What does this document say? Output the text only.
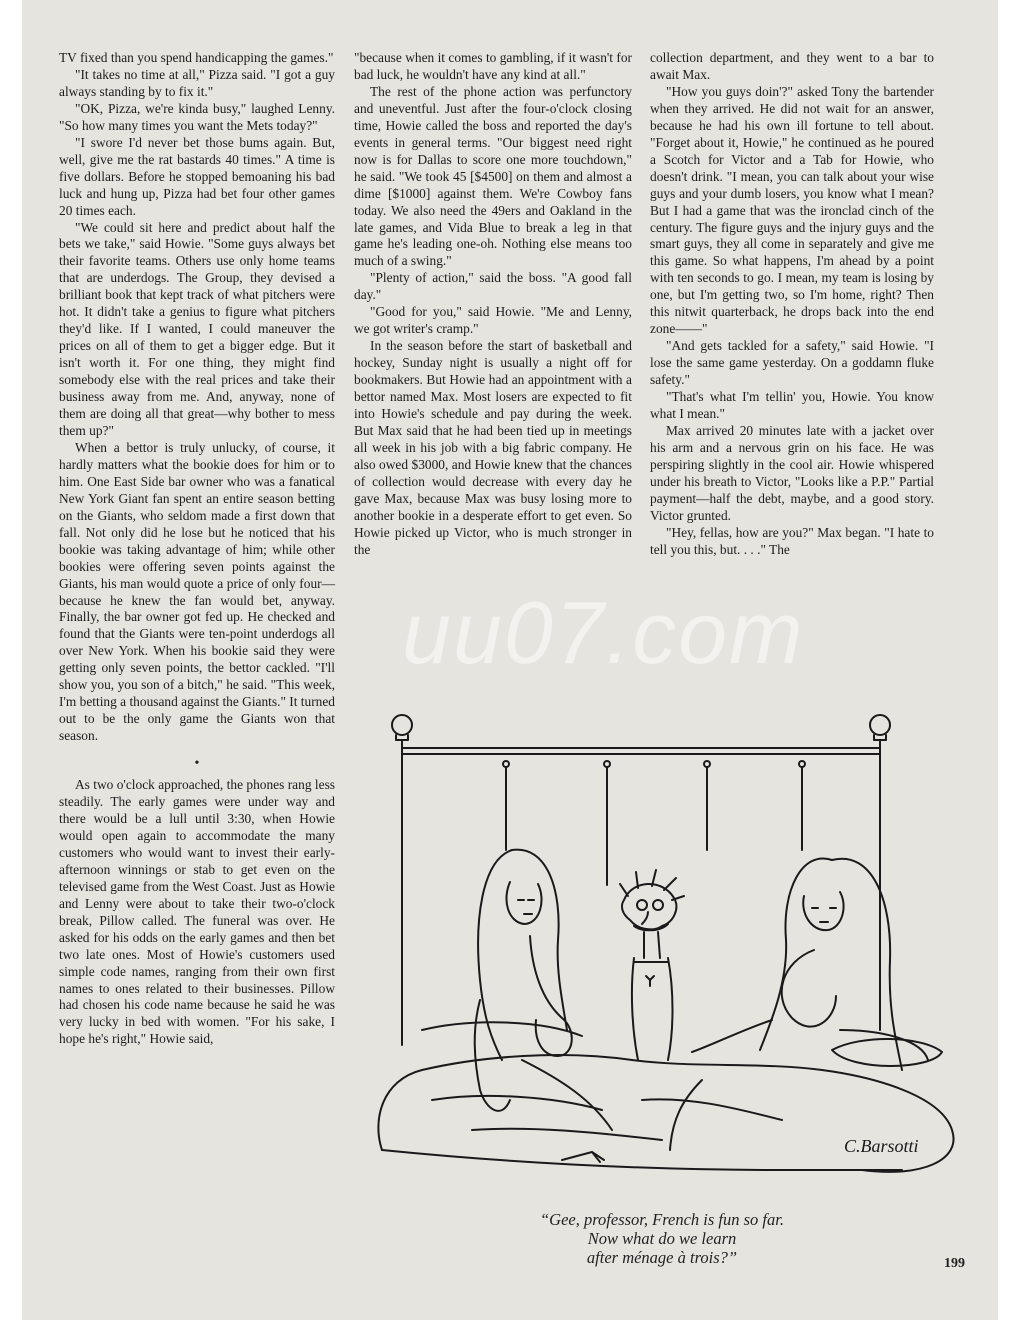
TV fixed than you spend handicapping the games."

"It takes no time at all," Pizza said. "I got a guy always standing by to fix it."

"OK, Pizza, we're kinda busy," laughed Lenny. "So how many times you want the Mets today?"

"I swore I'd never bet those bums again. But, well, give me the rat bastards 40 times." A time is five dollars. Before he stopped bemoaning his bad luck and hung up, Pizza had bet four other games 20 times each.

"We could sit here and predict about half the bets we take," said Howie. "Some guys always bet their favorite teams. Others use only home teams that are underdogs. The Group, they devised a brilliant book that kept track of what pitchers were hot. It didn't take a genius to figure what pitchers they'd like. If I wanted, I could maneuver the prices on all of them to get a bigger edge. But it isn't worth it. For one thing, they might find somebody else with the real prices and take their business away from me. And, anyway, none of them are doing all that great—why bother to mess them up?"

When a bettor is truly unlucky, of course, it hardly matters what the bookie does for him or to him. One East Side bar owner who was a fanatical New York Giant fan spent an entire season betting on the Giants, who seldom made a first down that fall. Not only did he lose but he noticed that his bookie was taking advantage of him; while other bookies were offering seven points against the Giants, his man would quote a price of only four—because he knew the fan would bet, anyway. Finally, the bar owner got fed up. He checked and found that the Giants were ten-point underdogs all over New York. When his bookie said they were getting only seven points, the bettor cackled. "I'll show you, you son of a bitch," he said. "This week, I'm betting a thousand against the Giants." It turned out to be the only game the Giants won that season.

•

As two o'clock approached, the phones rang less steadily. The early games were under way and there would be a lull until 3:30, when Howie would open again to accommodate the many customers who would want to invest their early-afternoon winnings or stab to get even on the televised game from the West Coast. Just as Howie and Lenny were about to take their two-o'clock break, Pillow called. The funeral was over. He asked for his odds on the early games and then bet two late ones. Most of Howie's customers used simple code names, ranging from their own first names to ones related to their businesses. Pillow had chosen his code name because he said he was very lucky in bed with women. "For his sake, I hope he's right," Howie said,

"because when it comes to gambling, if it wasn't for bad luck, he wouldn't have any kind at all."

The rest of the phone action was perfunctory and uneventful. Just after the four-o'clock closing time, Howie called the boss and reported the day's events in general terms. "Our biggest need right now is for Dallas to score one more touchdown," he said. "We took 45 [$4500] on them and almost a dime [$1000] against them. We're Cowboy fans today. We also need the 49ers and Oakland in the late games, and Vida Blue to break a leg in that game he's leading one-oh. Nothing else means too much of a swing."

"Plenty of action," said the boss. "A good fall day."

"Good for you," said Howie. "Me and Lenny, we got writer's cramp."

In the season before the start of basketball and hockey, Sunday night is usually a night off for bookmakers. But Howie had an appointment with a bettor named Max. Most losers are expected to fit into Howie's schedule and pay during the week. But Max said that he had been tied up in meetings all week in his job with a big fabric company. He also owed $3000, and Howie knew that the chances of collection would decrease with every day he gave Max, because Max was busy losing more to another bookie in a desperate effort to get even. So Howie picked up Victor, who is much stronger in the

collection department, and they went to a bar to await Max.

"How you guys doin'?" asked Tony the bartender when they arrived. He did not wait for an answer, because he had his own ill fortune to tell about. "Forget about it, Howie," he continued as he poured a Scotch for Victor and a Tab for Howie, who doesn't drink. "I mean, you can talk about your wise guys and your dumb losers, you know what I mean? But I had a game that was the ironclad cinch of the century. The figure guys and the injury guys and the smart guys, they all come in separately and give me this game. So what happens, I'm ahead by a point with ten seconds to go. I mean, my team is losing by one, but I'm getting two, so I'm home, right? Then this nitwit quarterback, he drops back into the end zone——"

"And gets tackled for a safety," said Howie. "I lose the same game yesterday. On a goddamn fluke safety."

"That's what I'm tellin' you, Howie. You know what I mean."

Max arrived 20 minutes late with a jacket over his arm and a nervous grin on his face. He was perspiring slightly in the cool air. Howie whispered under his breath to Victor, "Looks like a P.P." Partial payment—half the debt, maybe, and a good story. Victor grunted.

"Hey, fellas, how are you?" Max began. "I hate to tell you this, but. . . ." The

uu07.com
C.Barsotti
“Gee, professor, French is fun so far.
Now what do we learn
after ménage à trois?”	199
